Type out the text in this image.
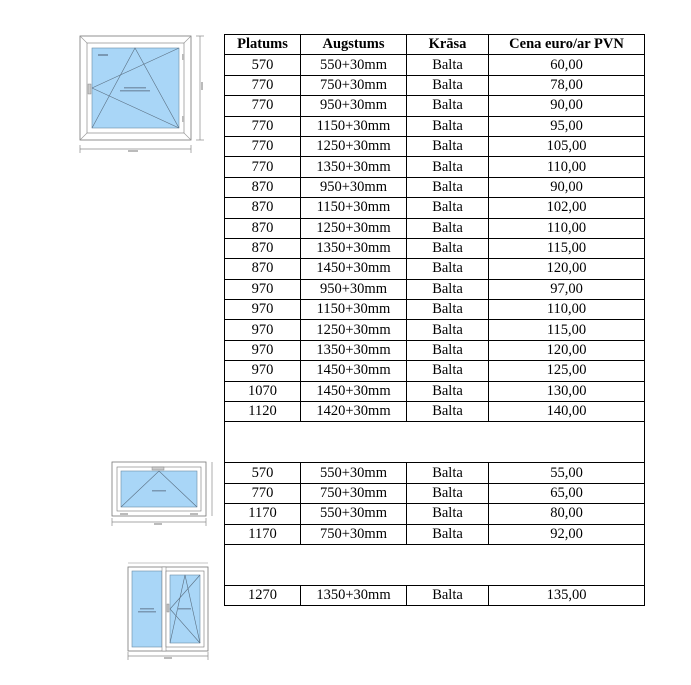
Platums	Augstums	Krāsa	Cena euro/ar PVN
570	550+30mm	Balta	60,00
770	750+30mm	Balta	78,00
770	950+30mm	Balta	90,00
770	1150+30mm	Balta	95,00
770	1250+30mm	Balta	105,00
770	1350+30mm	Balta	110,00
870	950+30mm	Balta	90,00
870	1150+30mm	Balta	102,00
870	1250+30mm	Balta	110,00
870	1350+30mm	Balta	115,00
870	1450+30mm	Balta	120,00
970	950+30mm	Balta	97,00
970	1150+30mm	Balta	110,00
970	1250+30mm	Balta	115,00
970	1350+30mm	Balta	120,00
970	1450+30mm	Balta	125,00
1070	1450+30mm	Balta	130,00
1120	1420+30mm	Balta	140,00

570	550+30mm	Balta	55,00
770	750+30mm	Balta	65,00
1170	550+30mm	Balta	80,00
1170	750+30mm	Balta	92,00

1270	1350+30mm	Balta	135,00
